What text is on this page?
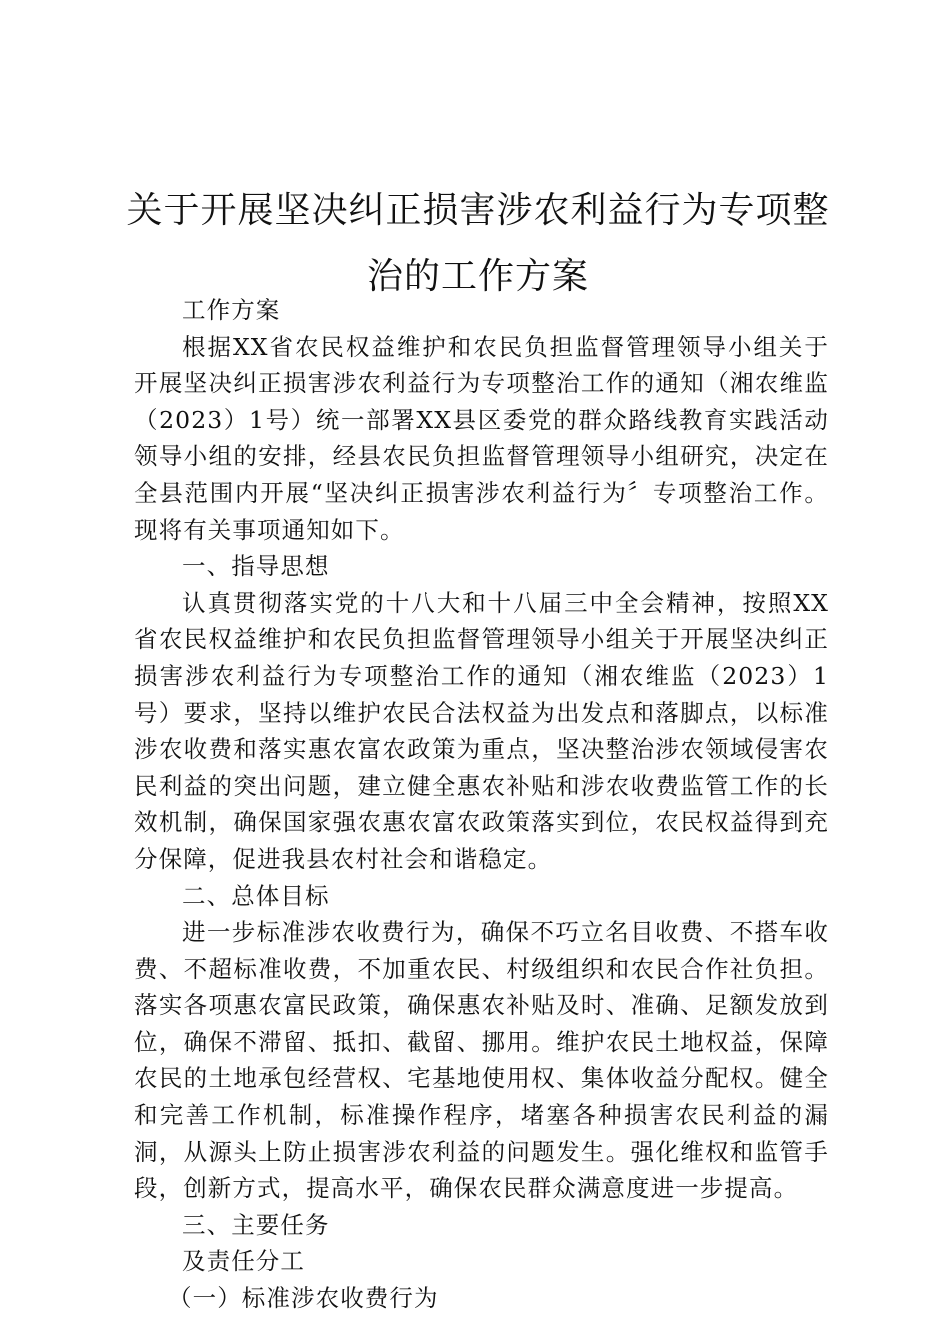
关于开展坚决纠正损害涉农利益行为专项整
治的工作方案

工作方案

根据XX省农民权益维护和农民负担监督管理领导小组关于开展坚决纠正损害涉农利益行为专项整治工作的通知（湘农维监（2023）1号）统一部署XX县区委党的群众路线教育实践活动领导小组的安排，经县农民负担监督管理领导小组研究，决定在全县范围内开展“坚决纠正损害涉农利益行为〞专项整治工作。现将有关事项通知如下。

一、指导思想

认真贯彻落实党的十八大和十八届三中全会精神，按照XX省农民权益维护和农民负担监督管理领导小组关于开展坚决纠正损害涉农利益行为专项整治工作的通知（湘农维监（2023）1号）要求，坚持以维护农民合法权益为出发点和落脚点，以标准涉农收费和落实惠农富农政策为重点，坚决整治涉农领域侵害农民利益的突出问题，建立健全惠农补贴和涉农收费监管工作的长效机制，确保国家强农惠农富农政策落实到位，农民权益得到充分保障，促进我县农村社会和谐稳定。

二、总体目标

进一步标准涉农收费行为，确保不巧立名目收费、不搭车收费、不超标准收费，不加重农民、村级组织和农民合作社负担。落实各项惠农富民政策，确保惠农补贴及时、准确、足额发放到位，确保不滞留、抵扣、截留、挪用。维护农民土地权益，保障农民的土地承包经营权、宅基地使用权、集体收益分配权。健全和完善工作机制，标准操作程序，堵塞各种损害农民利益的漏洞，从源头上防止损害涉农利益的问题发生。强化维权和监管手段，创新方式，提高水平，确保农民群众满意度进一步提高。

三、主要任务

及责任分工

（一）标准涉农收费行为
